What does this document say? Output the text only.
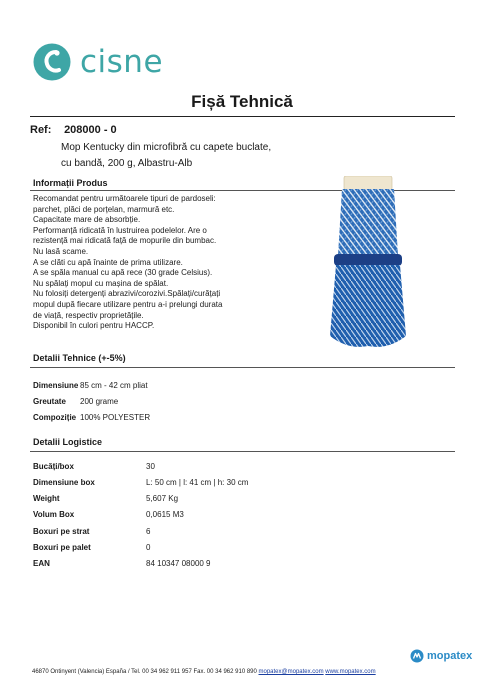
cisne
Fișă Tehnică
Ref: 208000 - 0
Mop Kentucky din microfibră cu capete buclate,
cu bandă, 200 g, Albastru-Alb
Informații Produs
Recomandat pentru următoarele tipuri de pardoseli:
parchet, plăci de porțelan, marmură etc.
Capacitate mare de absorbție.
Performanță ridicată în lustruirea podelelor. Are o
rezistență mai ridicată față de mopurile din bumbac.
Nu lasă scame.
A se clăti cu apă înainte de prima utilizare.
A se spăla manual cu apă rece (30 grade Celsius).
Nu spălați mopul cu mașina de spălat.
Nu folosiți detergenți abrazivi/corozivi.Spălați/curățați
mopul după fiecare utilizare pentru a-i prelungi durata
de viață, respectiv proprietățile.
Disponibil în culori pentru HACCP.
Detalii Tehnice (+-5%)
Dimensiune 85 cm - 42 cm pliat
Greutate	200 grame
Compoziție 100% POLYESTER
Detalii Logistice
Bucăți/box	30
Dimensiune box	L: 50 cm | l: 41 cm | h: 30 cm
Weight	5,607 Kg
Volum Box	0,0615 M3
Boxuri pe strat	6
Boxuri pe palet	0
EAN	84 10347 08000 9
mopatex
46870 Ontinyent (Valencia) España / Tel. 00 34 962 911 957 Fax. 00 34 962 910 890 mopatex@mopatex.com www.mopatex.com
